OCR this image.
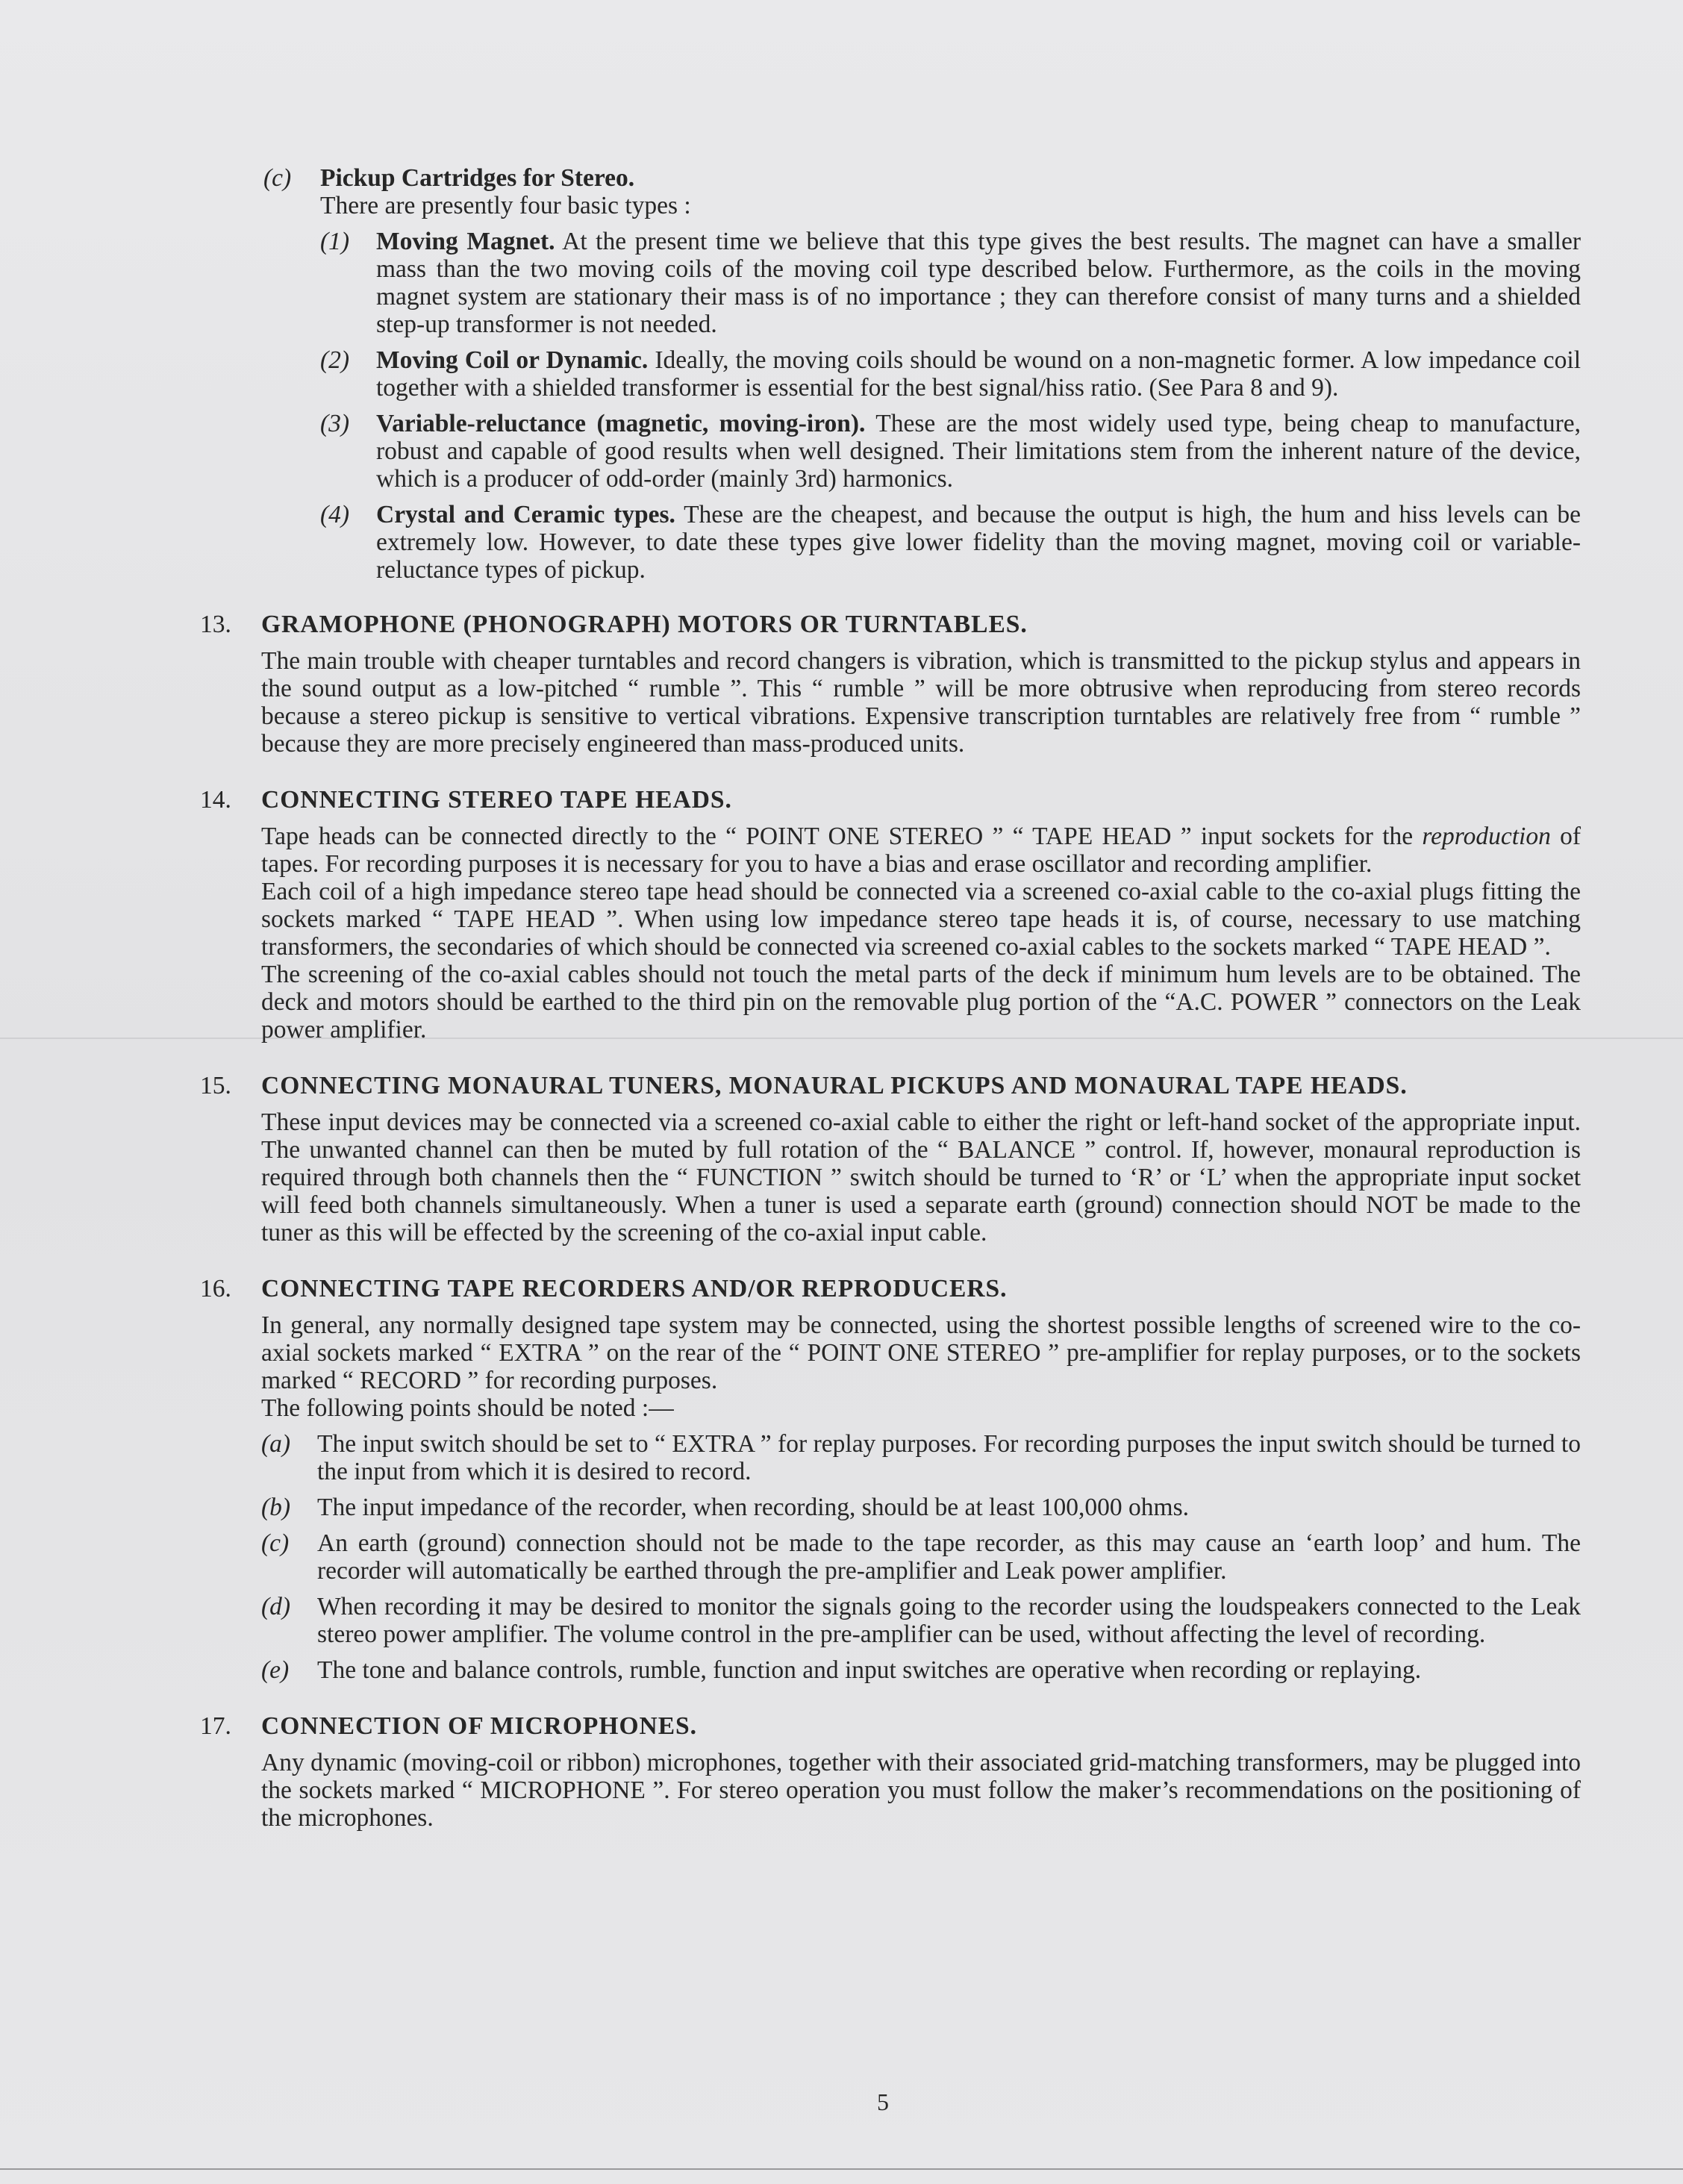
(c) Pickup Cartridges for Stereo.
There are presently four basic types :
(1) Moving Magnet. At the present time we believe that this type gives the best results. The magnet can have a smaller mass than the two moving coils of the moving coil type described below. Furthermore, as the coils in the moving magnet system are stationary their mass is of no importance ; they can therefore consist of many turns and a shielded step-up transformer is not needed.
(2) Moving Coil or Dynamic. Ideally, the moving coils should be wound on a non-magnetic former. A low impedance coil together with a shielded transformer is essential for the best signal/hiss ratio. (See Para 8 and 9).
(3) Variable-reluctance (magnetic, moving-iron). These are the most widely used type, being cheap to manufacture, robust and capable of good results when well designed. Their limitations stem from the inherent nature of the device, which is a producer of odd-order (mainly 3rd) harmonics.
(4) Crystal and Ceramic types. These are the cheapest, and because the output is high, the hum and hiss levels can be extremely low. However, to date these types give lower fidelity than the moving magnet, moving coil or variable-reluctance types of pickup.
13. GRAMOPHONE (PHONOGRAPH) MOTORS OR TURNTABLES.

The main trouble with cheaper turntables and record changers is vibration, which is transmitted to the pickup stylus and appears in the sound output as a low-pitched “ rumble ”. This “ rumble ” will be more obtrusive when reproducing from stereo records because a stereo pickup is sensitive to vertical vibrations. Expensive transcription turntables are relatively free from “ rumble ” because they are more precisely engineered than mass-produced units.

14. CONNECTING STEREO TAPE HEADS.

Tape heads can be connected directly to the “ POINT ONE STEREO ” “ TAPE HEAD ” input sockets for the reproduction of tapes. For recording purposes it is necessary for you to have a bias and erase oscillator and recording amplifier.

Each coil of a high impedance stereo tape head should be connected via a screened co-axial cable to the co-axial plugs fitting the sockets marked “ TAPE HEAD ”. When using low impedance stereo tape heads it is, of course, necessary to use matching transformers, the secondaries of which should be connected via screened co-axial cables to the sockets marked “ TAPE HEAD ”.

The screening of the co-axial cables should not touch the metal parts of the deck if minimum hum levels are to be obtained. The deck and motors should be earthed to the third pin on the removable plug portion of the “A.C. POWER ” connectors on the Leak power amplifier.

15. CONNECTING MONAURAL TUNERS, MONAURAL PICKUPS AND MONAURAL TAPE HEADS.

These input devices may be connected via a screened co-axial cable to either the right or left-hand socket of the appropriate input. The unwanted channel can then be muted by full rotation of the “ BALANCE ” control. If, however, monaural reproduction is required through both channels then the “ FUNCTION ” switch should be turned to ‘R’ or ‘L’ when the appropriate input socket will feed both channels simultaneously. When a tuner is used a separate earth (ground) connection should NOT be made to the tuner as this will be effected by the screening of the co-axial input cable.

16. CONNECTING TAPE RECORDERS AND/OR REPRODUCERS.

In general, any normally designed tape system may be connected, using the shortest possible lengths of screened wire to the co-axial sockets marked “ EXTRA ” on the rear of the “ POINT ONE STEREO ” pre-amplifier for replay purposes, or to the sockets marked “ RECORD ” for recording purposes.

The following points should be noted :—

(a) The input switch should be set to “ EXTRA ” for replay purposes. For recording purposes the input switch should be turned to the input from which it is desired to record.
(b) The input impedance of the recorder, when recording, should be at least 100,000 ohms.
(c) An earth (ground) connection should not be made to the tape recorder, as this may cause an ‘earth loop’ and hum. The recorder will automatically be earthed through the pre-amplifier and Leak power amplifier.
(d) When recording it may be desired to monitor the signals going to the recorder using the loudspeakers connected to the Leak stereo power amplifier. The volume control in the pre-amplifier can be used, without affecting the level of recording.
(e) The tone and balance controls, rumble, function and input switches are operative when recording or replaying.
17. CONNECTION OF MICROPHONES.

Any dynamic (moving-coil or ribbon) microphones, together with their associated grid-matching transformers, may be plugged into the sockets marked “ MICROPHONE ”. For stereo operation you must follow the maker’s recommendations on the positioning of the microphones.

5
